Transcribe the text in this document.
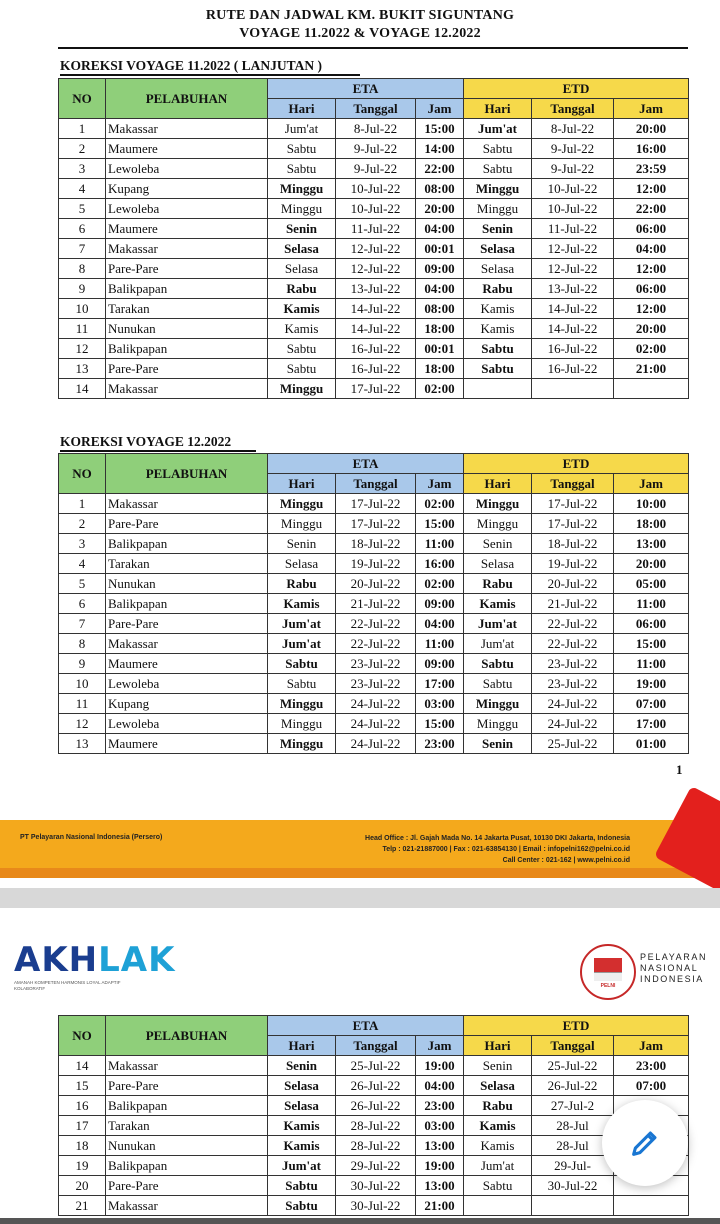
RUTE DAN JADWAL KM. BUKIT SIGUNTANG
VOYAGE 11.2022 & VOYAGE 12.2022
KOREKSI VOYAGE 11.2022 ( LANJUTAN )
NO	PELABUHAN	ETA			ETD		
		Hari	Tanggal	Jam	Hari	Tanggal	Jam
1	Makassar	Jum'at	8-Jul-22	15:00	Jum'at	8-Jul-22	20:00
2	Maumere	Sabtu	9-Jul-22	14:00	Sabtu	9-Jul-22	16:00
3	Lewoleba	Sabtu	9-Jul-22	22:00	Sabtu	9-Jul-22	23:59
4	Kupang	Minggu	10-Jul-22	08:00	Minggu	10-Jul-22	12:00
5	Lewoleba	Minggu	10-Jul-22	20:00	Minggu	10-Jul-22	22:00
6	Maumere	Senin	11-Jul-22	04:00	Senin	11-Jul-22	06:00
7	Makassar	Selasa	12-Jul-22	00:01	Selasa	12-Jul-22	04:00
8	Pare-Pare	Selasa	12-Jul-22	09:00	Selasa	12-Jul-22	12:00
9	Balikpapan	Rabu	13-Jul-22	04:00	Rabu	13-Jul-22	06:00
10	Tarakan	Kamis	14-Jul-22	08:00	Kamis	14-Jul-22	12:00
11	Nunukan	Kamis	14-Jul-22	18:00	Kamis	14-Jul-22	20:00
12	Balikpapan	Sabtu	16-Jul-22	00:01	Sabtu	16-Jul-22	02:00
13	Pare-Pare	Sabtu	16-Jul-22	18:00	Sabtu	16-Jul-22	21:00
14	Makassar	Minggu	17-Jul-22	02:00			
KOREKSI VOYAGE 12.2022
NO	PELABUHAN	ETA			ETD		
		Hari	Tanggal	Jam	Hari	Tanggal	Jam
1	Makassar	Minggu	17-Jul-22	02:00	Minggu	17-Jul-22	10:00
2	Pare-Pare	Minggu	17-Jul-22	15:00	Minggu	17-Jul-22	18:00
3	Balikpapan	Senin	18-Jul-22	11:00	Senin	18-Jul-22	13:00
4	Tarakan	Selasa	19-Jul-22	16:00	Selasa	19-Jul-22	20:00
5	Nunukan	Rabu	20-Jul-22	02:00	Rabu	20-Jul-22	05:00
6	Balikpapan	Kamis	21-Jul-22	09:00	Kamis	21-Jul-22	11:00
7	Pare-Pare	Jum'at	22-Jul-22	04:00	Jum'at	22-Jul-22	06:00
8	Makassar	Jum'at	22-Jul-22	11:00	Jum'at	22-Jul-22	15:00
9	Maumere	Sabtu	23-Jul-22	09:00	Sabtu	23-Jul-22	11:00
10	Lewoleba	Sabtu	23-Jul-22	17:00	Sabtu	23-Jul-22	19:00
11	Kupang	Minggu	24-Jul-22	03:00	Minggu	24-Jul-22	07:00
12	Lewoleba	Minggu	24-Jul-22	15:00	Minggu	24-Jul-22	17:00
13	Maumere	Minggu	24-Jul-22	23:00	Senin	25-Jul-22	01:00
1
PT Pelayaran Nasional Indonesia (Persero)	Head Office : Jl. Gajah Mada No. 14 Jakarta Pusat, 10130 DKI Jakarta, Indonesia
Telp : 021-21887000 | Fax : 021-63854130 | Email : infopelni162@pelni.co.id
Call Center : 021-162 | www.pelni.co.id
AKHLAK
AMANAH KOMPETEN HARMONIS LOYAL ADAPTIF KOLABORATIF	PELNI
PELAYARAN
NASIONAL
INDONESIA
NO	PELABUHAN	ETA			ETD		
		Hari	Tanggal	Jam	Hari	Tanggal	Jam
14	Makassar	Senin	25-Jul-22	19:00	Senin	25-Jul-22	23:00
15	Pare-Pare	Selasa	26-Jul-22	04:00	Selasa	26-Jul-22	07:00
16	Balikpapan	Selasa	26-Jul-22	23:00	Rabu	27-Jul-2	
17	Tarakan	Kamis	28-Jul-22	03:00	Kamis	28-Jul	
18	Nunukan	Kamis	28-Jul-22	13:00	Kamis	28-Jul	
19	Balikpapan	Jum'at	29-Jul-22	19:00	Jum'at	29-Jul-	
20	Pare-Pare	Sabtu	30-Jul-22	13:00	Sabtu	30-Jul-22	
21	Makassar	Sabtu	30-Jul-22	21:00			
